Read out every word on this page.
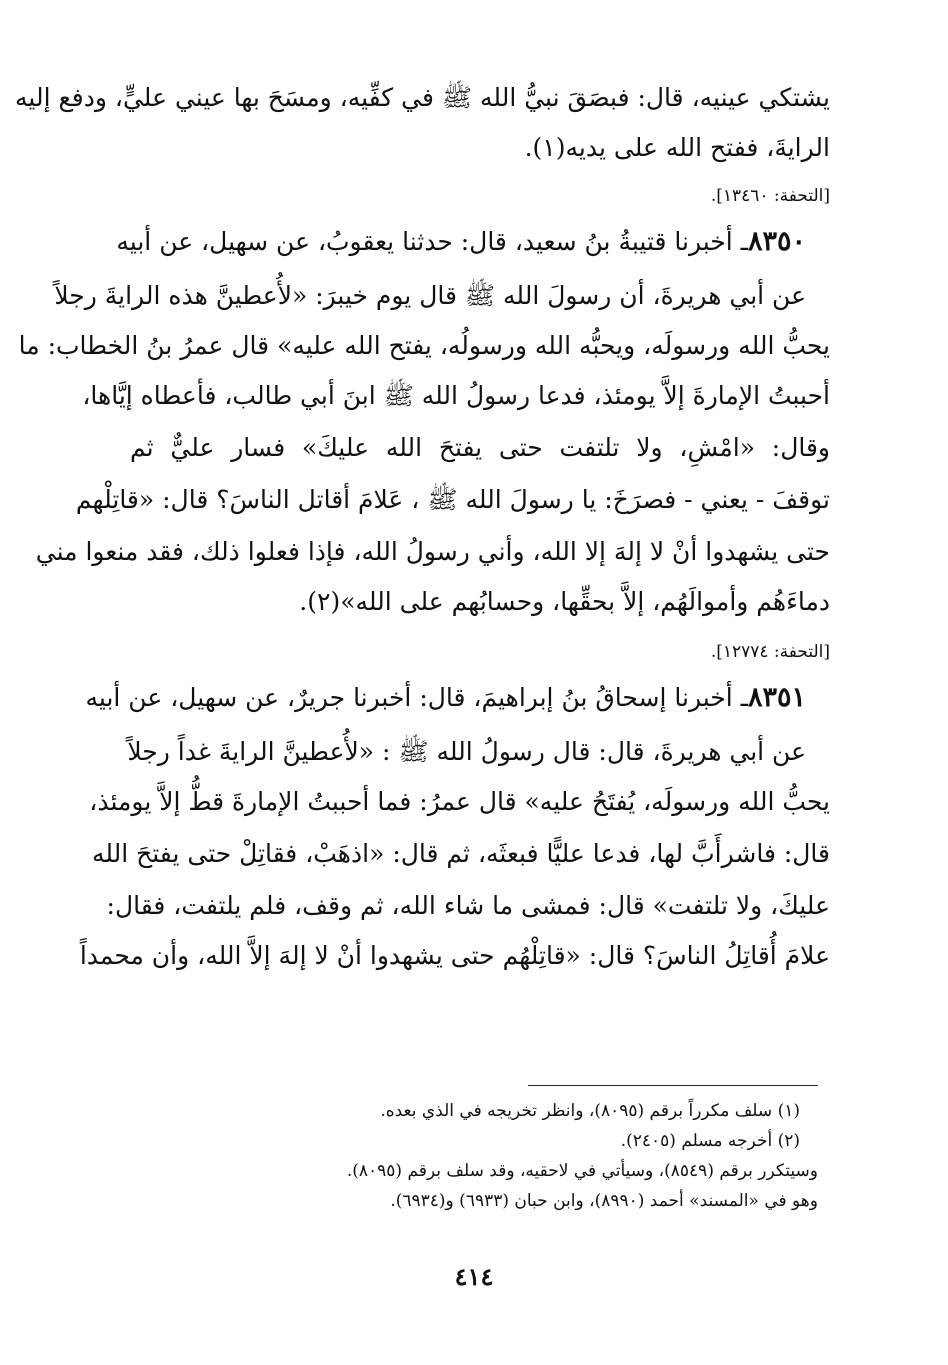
يشتكي عينيه، قال: فبصَقَ نبيُّ الله ﷺ في كفِّيه، ومسَحَ بها عيني عليٍّ، ودفع إليه
الرايةَ، ففتح الله على يديه(١).
[التحفة: ١٣٤٦٠].
٨٣٥٠ـ أخبرنا قتيبةُ بنُ سعيد، قال: حدثنا يعقوبُ، عن سهيل، عن أبيه
عن أبي هريرةَ، أن رسولَ الله ﷺ قال يوم خيبرَ: «لأُعطينَّ هذه الرايةَ رجلاً
يحبُّ الله ورسولَه، ويحبُّه الله ورسولُه، يفتح الله عليه» قال عمرُ بنُ الخطاب: ما
أحببتُ الإمارةَ إلاَّ يومئذ، فدعا رسولُ الله ﷺ ابنَ أبي طالب، فأعطاه إيَّاها،
وقال: «امْشِ، ولا تلتفت حتى يفتحَ الله عليكَ» فسار عليٌّ ثم
توقفَ - يعني - فصرَخَ: يا رسولَ الله ﷺ ، عَلامَ أقاتل الناسَ؟ قال: «قاتِلْهم
حتى يشهدوا أنْ لا إلهَ إلا الله، وأني رسولُ الله، فإذا فعلوا ذلك، فقد منعوا مني
دماءَهُم وأموالَهُم، إلاَّ بحقِّها، وحسابُهم على الله»(٢).
[التحفة: ١٢٧٧٤].
٨٣٥١ـ أخبرنا إسحاقُ بنُ إبراهيمَ، قال: أخبرنا جريرٌ، عن سهيل، عن أبيه
عن أبي هريرةَ، قال: قال رسولُ الله ﷺ : «لأُعطينَّ الرايةَ غداً رجلاً
يحبُّ الله ورسولَه، يُفتَحُ عليه» قال عمرُ: فما أحببتُ الإمارةَ قطُّ إلاَّ يومئذ،
قال: فاشرأَبَّ لها، فدعا عليًّا فبعثَه، ثم قال: «اذهَبْ، فقاتِلْ حتى يفتحَ الله
عليكَ، ولا تلتفت» قال: فمشى ما شاء الله، ثم وقف، فلم يلتفت، فقال:
علامَ أُقاتِلُ الناسَ؟ قال: «قاتِلْهُم حتى يشهدوا أنْ لا إلهَ إلاَّ الله، وأن محمداً
(١) سلف مكرراً برقم (٨٠٩٥)، وانظر تخريجه في الذي بعده.
(٢) أخرجه مسلم (٢٤٠٥).
وسيتكرر برقم (٨٥٤٩)، وسيأتي في لاحقيه، وقد سلف برقم (٨٠٩٥).
وهو في «المسند» أحمد (٨٩٩٠)، وابن حبان (٦٩٣٣) و(٦٩٣٤).
٤١٤
